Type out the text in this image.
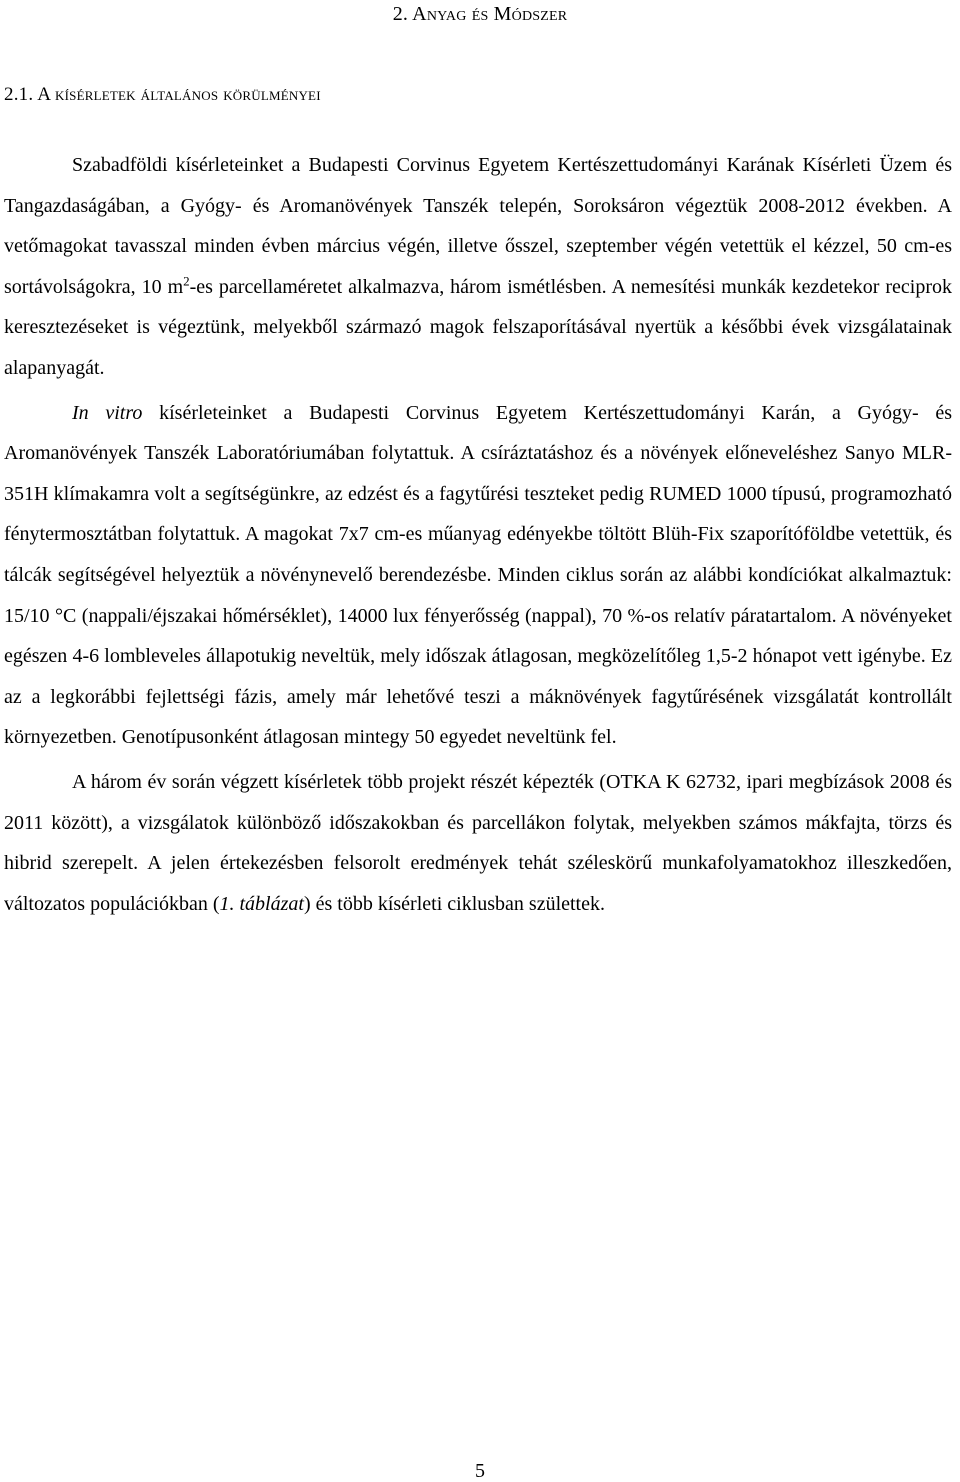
2. Anyag és Módszer
2.1. A kísérletek általános körülményei

Szabadföldi kísérleteinket a Budapesti Corvinus Egyetem Kertészettudományi Karának Kísérleti Üzem és Tangazdaságában, a Gyógy- és Aromanövények Tanszék telepén, Soroksáron végeztük 2008-2012 években. A vetőmagokat tavasszal minden évben március végén, illetve ősszel, szeptember végén vetettük el kézzel, 50 cm-es sortávolságokra, 10 $m^2-es$ parcellaméretet alkalmazva, három ismétlésben. A nemesítési munkák kezdetekor reciprok keresztezéseket is végeztünk, melyekből származó magok felszaporításával nyertük a későbbi évek vizsgálatainak alapanyagát.

In vitro kísérleteinket a Budapesti Corvinus Egyetem Kertészettudományi Karán, a Gyógy- és Aromanövények Tanszék Laboratóriumában folytattuk. A csíráztatáshoz és a növények előneveléshez Sanyo MLR-351H klímakamra volt a segítségünkre, az edzést és a fagytűrési teszteket pedig RUMED 1000 típusú, programozható fénytermosztátban folytattuk. A magokat 7x7 cm-es műanyag edényekbe töltött Blüh-Fix szaporítóföldbe vetettük, és tálcák segítségével helyeztük a növénynevelő berendezésbe. Minden ciklus során az alábbi kondíciókat alkalmaztuk: 15/10 °C (nappali/éjszakai hőmérséklet), 14000 lux fényerősség (nappal), 70 %-os relatív páratartalom. A növényeket egészen 4-6 lombleveles állapotukig neveltük, mely időszak átlagosan, megközelítőleg 1,5-2 hónapot vett igénybe. Ez az a legkorábbi fejlettségi fázis, amely már lehetővé teszi a máknövények fagytűrésének vizsgálatát kontrollált környezetben. Genotípusonként átlagosan mintegy 50 egyedet neveltünk fel.

A három év során végzett kísérletek több projekt részét képezték (OTKA K 62732, ipari megbízások 2008 és 2011 között), a vizsgálatok különböző időszakokban és parcellákon folytak, melyekben számos mákfajta, törzs és hibrid szerepelt. A jelen értekezésben felsorolt eredmények tehát széleskörű munkafolyamatokhoz illeszkedően, változatos populációkban (1. táblázat) és több kísérleti ciklusban születtek.

5
